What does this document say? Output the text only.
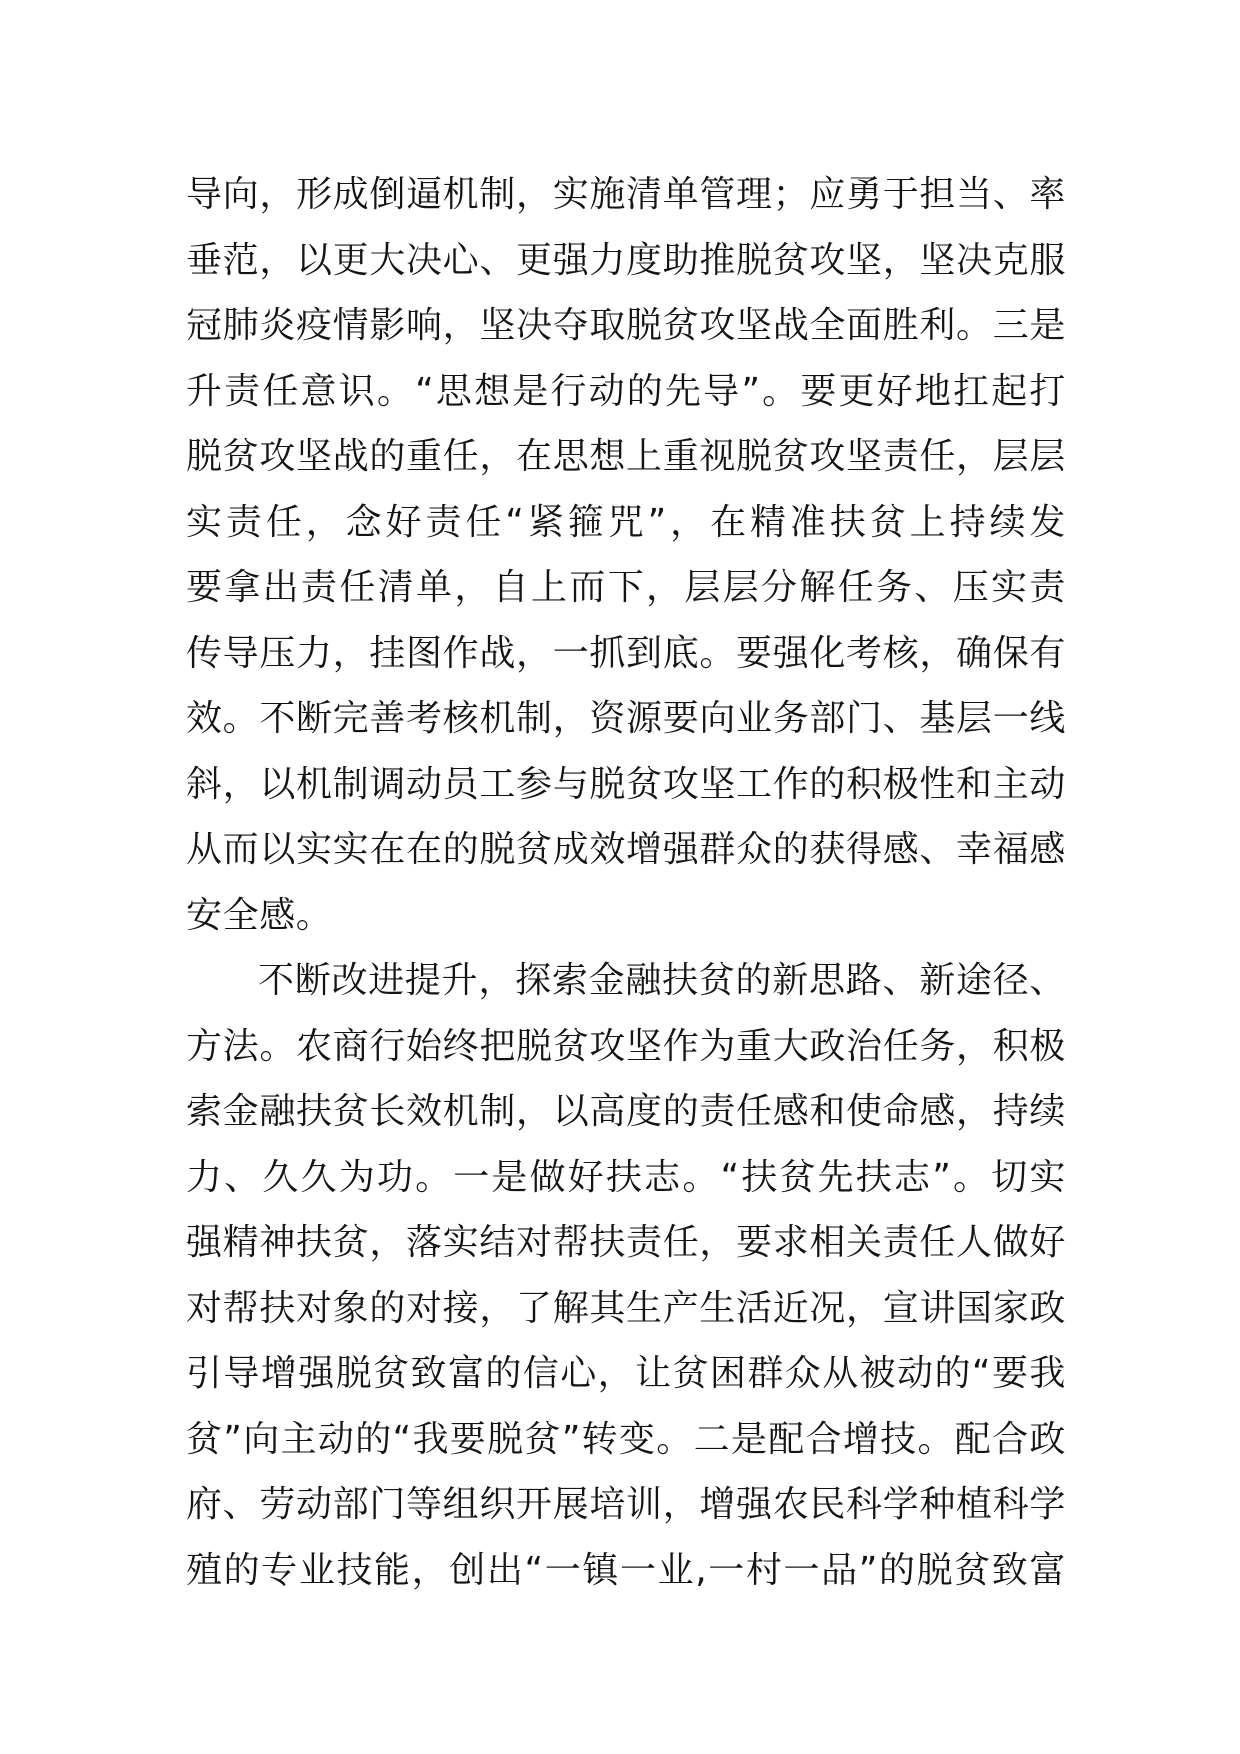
导向，形成倒逼机制，实施清单管理；应勇于担当、率
垂范，以更大决心、更强力度助推脱贫攻坚，坚决克服
冠肺炎疫情影响，坚决夺取脱贫攻坚战全面胜利。三是
升责任意识。“思想是行动的先导”。要更好地扛起打
脱贫攻坚战的重任，在思想上重视脱贫攻坚责任，层层
实责任，念好责任“紧箍咒”，在精准扶贫上持续发
要拿出责任清单，自上而下，层层分解任务、压实责
传导压力，挂图作战，一抓到底。要强化考核，确保有
效。不断完善考核机制，资源要向业务部门、基层一线
斜，以机制调动员工参与脱贫攻坚工作的积极性和主动
从而以实实在在的脱贫成效增强群众的获得感、幸福感
安全感。
不断改进提升，探索金融扶贫的新思路、新途径、
方法。农商行始终把脱贫攻坚作为重大政治任务，积极
索金融扶贫长效机制，以高度的责任感和使命感，持续
力、久久为功。一是做好扶志。“扶贫先扶志”。切实
强精神扶贫，落实结对帮扶责任，要求相关责任人做好
对帮扶对象的对接，了解其生产生活近况，宣讲国家政
引导增强脱贫致富的信心，让贫困群众从被动的“要我
贫”向主动的“我要脱贫”转变。二是配合增技。配合政
府、劳动部门等组织开展培训，增强农民科学种植科学
殖的专业技能，创出“一镇一业,一村一品”的脱贫致富
